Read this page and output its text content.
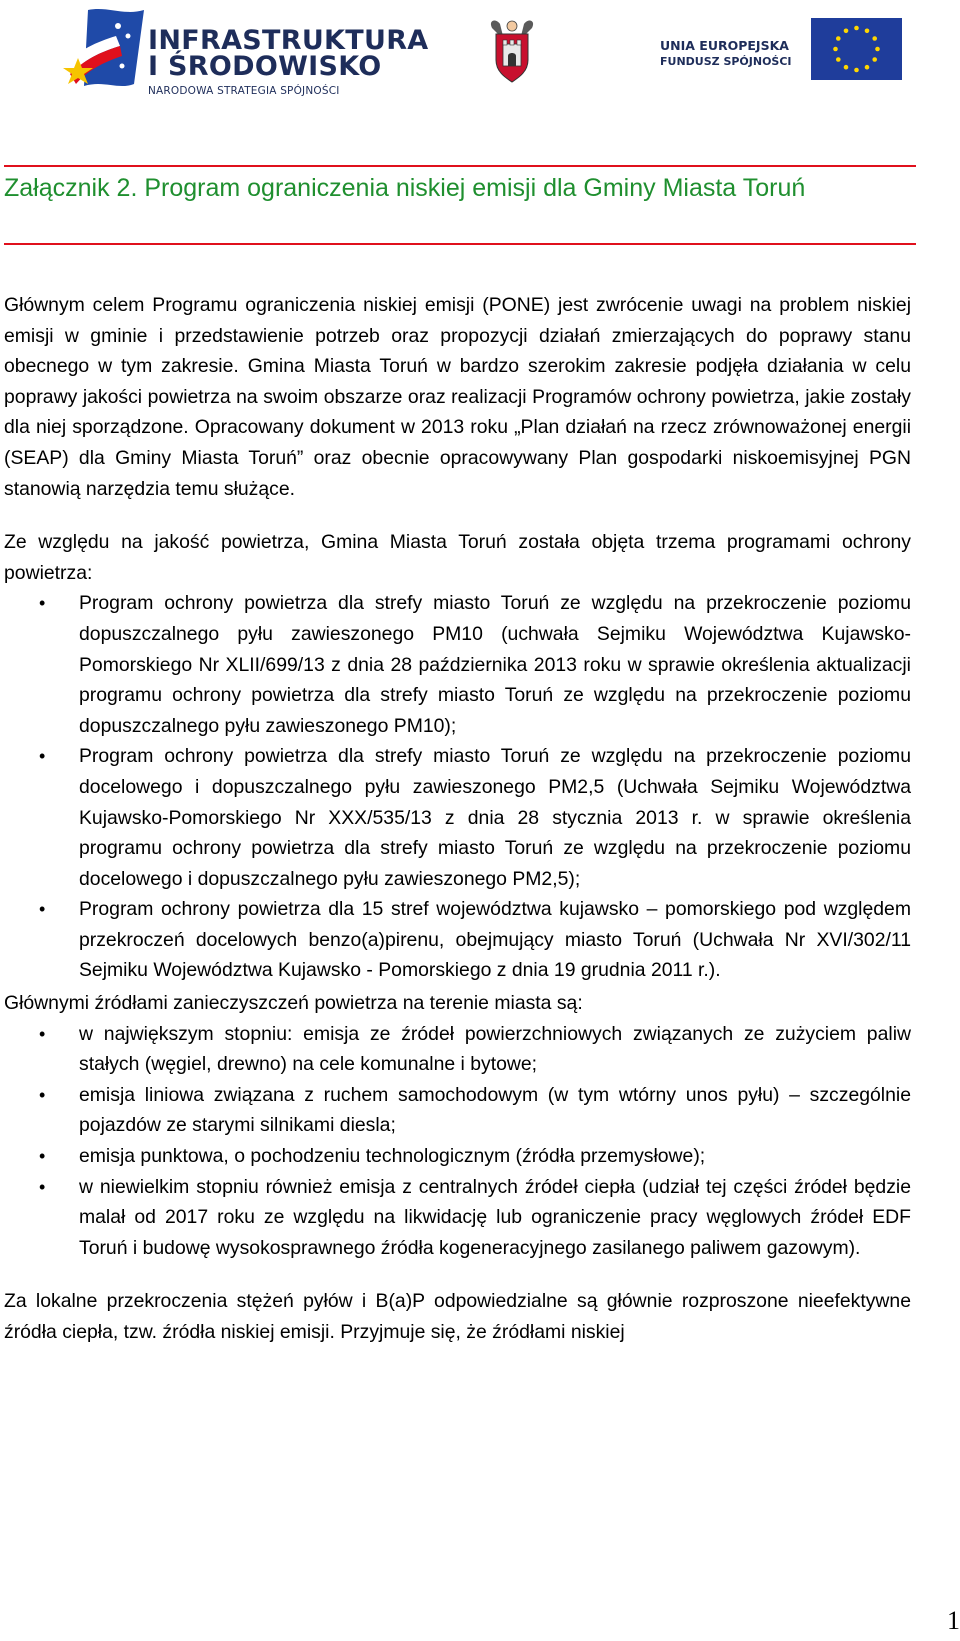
INFRASTRUKTURA
I ŚRODOWISKO
NARODOWA STRATEGIA SPÓJNOŚCI
UNIA EUROPEJSKA
FUNDUSZ SPÓJNOŚCI
Załącznik 2. Program ograniczenia niskiej emisji dla Gminy Miasta Toruń

Głównym celem Programu ograniczenia niskiej emisji (PONE) jest zwrócenie uwagi na problem niskiej emisji w gminie i przedstawienie potrzeb oraz propozycji działań zmierzających do poprawy stanu obecnego w tym zakresie. Gmina Miasta Toruń w bardzo szerokim zakresie podjęła działania w celu poprawy jakości powietrza na swoim obszarze oraz realizacji Programów ochrony powietrza, jakie zostały dla niej sporządzone. Opracowany dokument w 2013 roku „Plan działań na rzecz zrównoważonej energii (SEAP) dla Gminy Miasta Toruń” oraz obecnie opracowywany Plan gospodarki niskoemisyjnej PGN stanowią narzędzia temu służące.

Ze względu na jakość powietrza, Gmina Miasta Toruń została objęta trzema programami ochrony powietrza:

• Program ochrony powietrza dla strefy miasto Toruń ze względu na przekroczenie poziomu dopuszczalnego pyłu zawieszonego PM10 (uchwała Sejmiku Województwa Kujawsko-Pomorskiego Nr XLII/699/13 z dnia 28 października 2013 roku w sprawie określenia aktualizacji programu ochrony powietrza dla strefy miasto Toruń ze względu na przekroczenie poziomu dopuszczalnego pyłu zawieszonego PM10);
• Program ochrony powietrza dla strefy miasto Toruń ze względu na przekroczenie poziomu docelowego i dopuszczalnego pyłu zawieszonego PM2,5 (Uchwała Sejmiku Województwa Kujawsko-Pomorskiego Nr XXX/535/13 z dnia 28 stycznia 2013 r. w sprawie określenia programu ochrony powietrza dla strefy miasto Toruń ze względu na przekroczenie poziomu docelowego i dopuszczalnego pyłu zawieszonego PM2,5);
• Program ochrony powietrza dla 15 stref województwa kujawsko – pomorskiego pod względem przekroczeń docelowych benzo(a)pirenu, obejmujący miasto Toruń (Uchwała Nr XVI/302/11 Sejmiku Województwa Kujawsko - Pomorskiego z dnia 19 grudnia 2011 r.).

Głównymi źródłami zanieczyszczeń powietrza na terenie miasta są:

• w największym stopniu: emisja ze źródeł powierzchniowych związanych ze zużyciem paliw stałych (węgiel, drewno) na cele komunalne i bytowe;
• emisja liniowa związana z ruchem samochodowym (w tym wtórny unos pyłu) – szczególnie pojazdów ze starymi silnikami diesla;
• emisja punktowa, o pochodzeniu technologicznym (źródła przemysłowe);
• w niewielkim stopniu również emisja z centralnych źródeł ciepła (udział tej części źródeł będzie malał od 2017 roku ze względu na likwidację lub ograniczenie pracy węglowych źródeł EDF Toruń i budowę wysokosprawnego źródła kogeneracyjnego zasilanego paliwem gazowym).

Za lokalne przekroczenia stężeń pyłów i B(a)P odpowiedzialne są głównie rozproszone nieefektywne źródła ciepła, tzw. źródła niskiej emisji. Przyjmuje się, że źródłami niskiej

1
